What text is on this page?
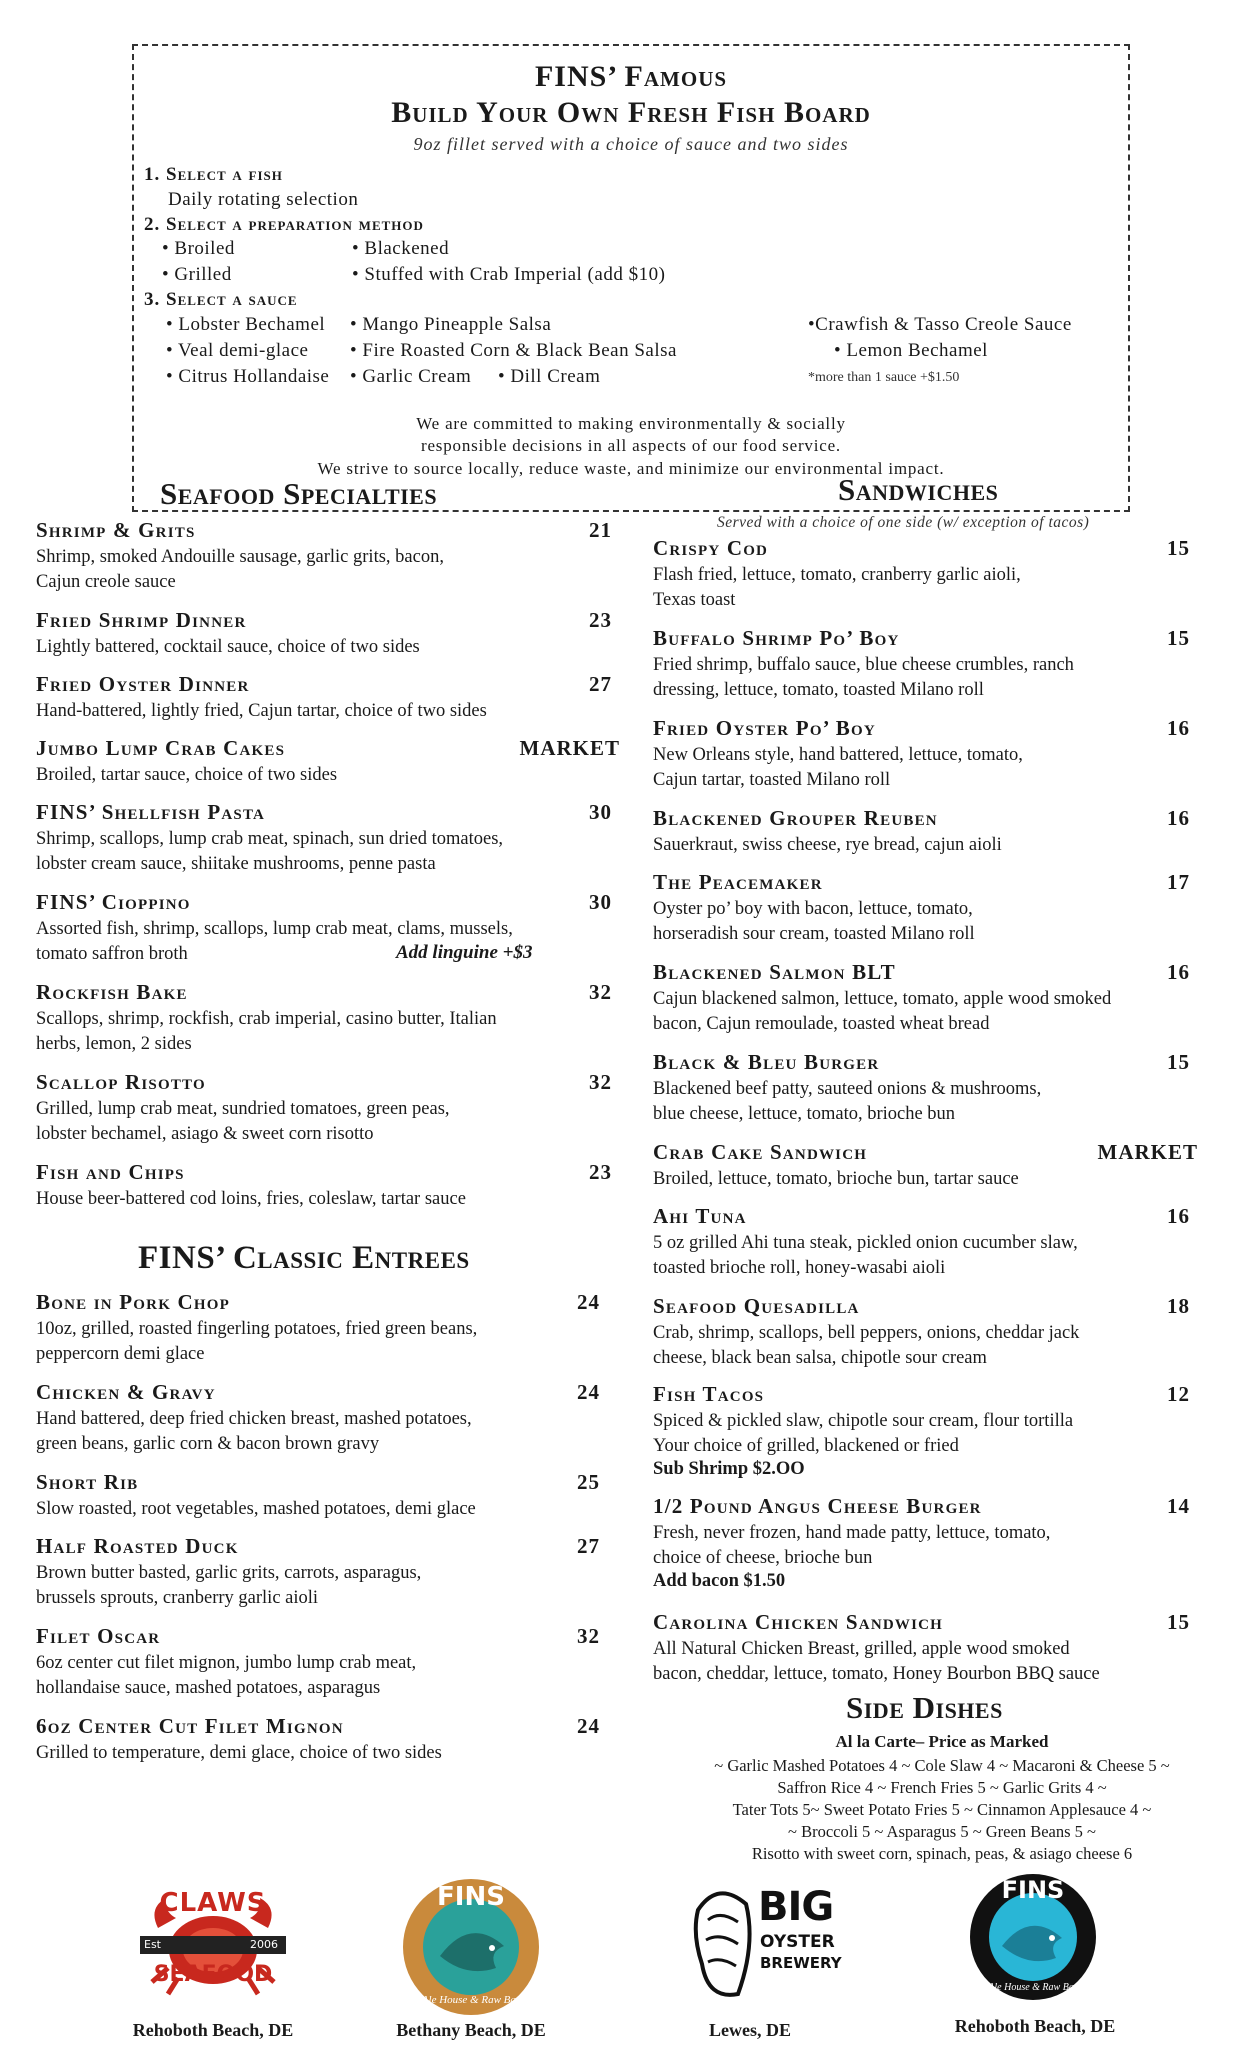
FINS’ Famous
Build Your Own Fresh Fish Board
9oz fillet served with a choice of sauce and two sides
1. Select a fish
Daily rotating selection
2. Select a preparation method
• Broiled
• Grilled
• Blackened
• Stuffed with Crab Imperial (add $10)
3. Select a sauce
• Lobster Bechamel
• Veal demi-glace
• Citrus Hollandaise
• Mango Pineapple Salsa
• Fire Roasted Corn & Black Bean Salsa
• Garlic Cream • Dill Cream
•Crawfish & Tasso Creole Sauce
• Lemon Bechamel
*more than 1 sauce +$1.50
We are committed to making environmentally & socially
responsible decisions in all aspects of our food service.
We strive to source locally, reduce waste, and minimize our environmental impact.
Seafood Specialties	Sandwiches
Served with a choice of one side (w/ exception of tacos)
Shrimp & Grits	21
Shrimp, smoked Andouille sausage, garlic grits, bacon,
Cajun creole sauce
Fried Shrimp Dinner	23
Lightly battered, cocktail sauce, choice of two sides
Fried Oyster Dinner	27
Hand-battered, lightly fried, Cajun tartar, choice of two sides
Jumbo Lump Crab Cakes	MARKET
Broiled, tartar sauce, choice of two sides
FINS’ Shellfish Pasta	30
Shrimp, scallops, lump crab meat, spinach, sun dried tomatoes,
lobster cream sauce, shiitake mushrooms, penne pasta
FINS’ Cioppino	30
Assorted fish, shrimp, scallops, lump crab meat, clams, mussels,
tomato saffron broth	Add linguine +$3
Rockfish Bake	32
Scallops, shrimp, rockfish, crab imperial, casino butter, Italian
herbs, lemon, 2 sides
Scallop Risotto	32
Grilled, lump crab meat, sundried tomatoes, green peas,
lobster bechamel, asiago & sweet corn risotto
Fish and Chips	23
House beer-battered cod loins, fries, coleslaw, tartar sauce
FINS’ Classic Entrees
Bone in Pork Chop	24
10oz, grilled, roasted fingerling potatoes, fried green beans,
peppercorn demi glace
Chicken & Gravy	24
Hand battered, deep fried chicken breast, mashed potatoes,
green beans, garlic corn & bacon brown gravy
Short Rib	25
Slow roasted, root vegetables, mashed potatoes, demi glace
Half Roasted Duck	27
Brown butter basted, garlic grits, carrots, asparagus,
brussels sprouts, cranberry garlic aioli
Filet Oscar	32
6oz center cut filet mignon, jumbo lump crab meat,
hollandaise sauce, mashed potatoes, asparagus
6oz Center Cut Filet Mignon	24
Grilled to temperature, demi glace, choice of two sides
Crispy Cod	15
Flash fried, lettuce, tomato, cranberry garlic aioli,
Texas toast
Buffalo Shrimp Po’ Boy	15
Fried shrimp, buffalo sauce, blue cheese crumbles, ranch
dressing, lettuce, tomato, toasted Milano roll
Fried Oyster Po’ Boy	16
New Orleans style, hand battered, lettuce, tomato,
Cajun tartar, toasted Milano roll
Blackened Grouper Reuben	16
Sauerkraut, swiss cheese, rye bread, cajun aioli
The Peacemaker	17
Oyster po’ boy with bacon, lettuce, tomato,
horseradish sour cream, toasted Milano roll
Blackened Salmon BLT	16
Cajun blackened salmon, lettuce, tomato, apple wood smoked
bacon, Cajun remoulade, toasted wheat bread
Black & Bleu Burger	15
Blackened beef patty, sauteed onions & mushrooms,
blue cheese, lettuce, tomato, brioche bun
Crab Cake Sandwich	MARKET
Broiled, lettuce, tomato, brioche bun, tartar sauce
Ahi Tuna	16
5 oz grilled Ahi tuna steak, pickled onion cucumber slaw,
toasted brioche roll, honey-wasabi aioli
Seafood Quesadilla	18
Crab, shrimp, scallops, bell peppers, onions, cheddar jack
cheese, black bean salsa, chipotle sour cream
Fish Tacos	12
Spiced & pickled slaw, chipotle sour cream, flour tortilla
Your choice of grilled, blackened or fried
Sub Shrimp $2.OO
1/2 Pound Angus Cheese Burger	14
Fresh, never frozen, hand made patty, lettuce, tomato,
choice of cheese, brioche bun
Add bacon $1.50
Carolina Chicken Sandwich	15
All Natural Chicken Breast, grilled, apple wood smoked
bacon, cheddar, lettuce, tomato, Honey Bourbon BBQ sauce
Side Dishes
Al la Carte– Price as Marked
~ Garlic Mashed Potatoes 4 ~ Cole Slaw 4 ~ Macaroni & Cheese 5 ~
Saffron Rice 4 ~ French Fries 5 ~ Garlic Grits 4 ~
Tater Tots 5~ Sweet Potato Fries 5 ~ Cinnamon Applesauce 4 ~
~ Broccoli 5 ~ Asparagus 5 ~ Green Beans 5 ~
Risotto with sweet corn, spinach, peas, & asiago cheese 6
CLAWS
Est	2006
SEAFOOD
Rehoboth Beach, DE
FINS
Ale House & Raw Bar
Bethany Beach, DE
BIG
OYSTER
BREWERY
Lewes, DE
FINS
Ale House & Raw Bar
Rehoboth Beach, DE
